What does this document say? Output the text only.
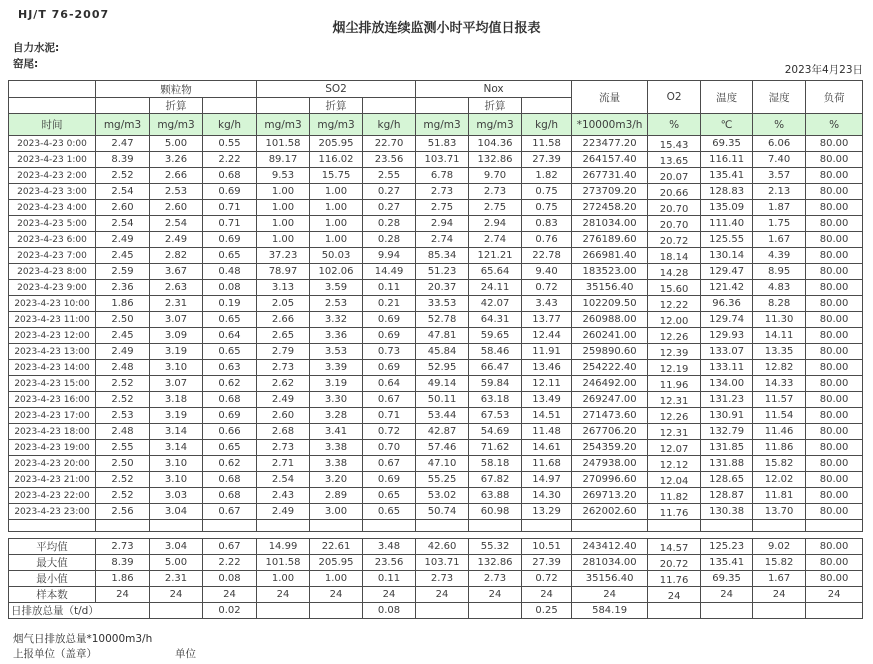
HJ/T 76-2007
烟尘排放连续监测小时平均值日报表
自力水泥:
窑尾:	2023年4月23日
	颗粒物			SO2			Nox			流量	O2	温度	湿度	负荷
		折算			折算			折算						
时间	mg/m3	mg/m3	kg/h	mg/m3	mg/m3	kg/h	mg/m3	mg/m3	kg/h	*10000m3/h	%	℃	%	%
2023-4-23 0:00	2.47	5.00	0.55	101.58	205.95	22.70	51.83	104.36	11.58	223477.20	15.43	69.35	6.06	80.00
2023-4-23 1:00	8.39	3.26	2.22	89.17	116.02	23.56	103.71	132.86	27.39	264157.40	13.65	116.11	7.40	80.00
2023-4-23 2:00	2.52	2.66	0.68	9.53	15.75	2.55	6.78	9.70	1.82	267731.40	20.07	135.41	3.57	80.00
2023-4-23 3:00	2.54	2.53	0.69	1.00	1.00	0.27	2.73	2.73	0.75	273709.20	20.66	128.83	2.13	80.00
2023-4-23 4:00	2.60	2.60	0.71	1.00	1.00	0.27	2.75	2.75	0.75	272458.20	20.70	135.09	1.87	80.00
2023-4-23 5:00	2.54	2.54	0.71	1.00	1.00	0.28	2.94	2.94	0.83	281034.00	20.70	111.40	1.75	80.00
2023-4-23 6:00	2.49	2.49	0.69	1.00	1.00	0.28	2.74	2.74	0.76	276189.60	20.72	125.55	1.67	80.00
2023-4-23 7:00	2.45	2.82	0.65	37.23	50.03	9.94	85.34	121.21	22.78	266981.40	18.14	130.14	4.39	80.00
2023-4-23 8:00	2.59	3.67	0.48	78.97	102.06	14.49	51.23	65.64	9.40	183523.00	14.28	129.47	8.95	80.00
2023-4-23 9:00	2.36	2.63	0.08	3.13	3.59	0.11	20.37	24.11	0.72	35156.40	15.60	121.42	4.83	80.00
2023-4-23 10:00	1.86	2.31	0.19	2.05	2.53	0.21	33.53	42.07	3.43	102209.50	12.22	96.36	8.28	80.00
2023-4-23 11:00	2.50	3.07	0.65	2.66	3.32	0.69	52.78	64.31	13.77	260988.00	12.00	129.74	11.30	80.00
2023-4-23 12:00	2.45	3.09	0.64	2.65	3.36	0.69	47.81	59.65	12.44	260241.00	12.26	129.93	14.11	80.00
2023-4-23 13:00	2.49	3.19	0.65	2.79	3.53	0.73	45.84	58.46	11.91	259890.60	12.39	133.07	13.35	80.00
2023-4-23 14:00	2.48	3.10	0.63	2.73	3.39	0.69	52.95	66.47	13.46	254222.40	12.19	133.11	12.82	80.00
2023-4-23 15:00	2.52	3.07	0.62	2.62	3.19	0.64	49.14	59.84	12.11	246492.00	11.96	134.00	14.33	80.00
2023-4-23 16:00	2.52	3.18	0.68	2.49	3.30	0.67	50.11	63.18	13.49	269247.00	12.31	131.23	11.57	80.00
2023-4-23 17:00	2.53	3.19	0.69	2.60	3.28	0.71	53.44	67.53	14.51	271473.60	12.26	130.91	11.54	80.00
2023-4-23 18:00	2.48	3.14	0.66	2.68	3.41	0.72	42.87	54.69	11.48	267706.20	12.31	132.79	11.46	80.00
2023-4-23 19:00	2.55	3.14	0.65	2.73	3.38	0.70	57.46	71.62	14.61	254359.20	12.07	131.85	11.86	80.00
2023-4-23 20:00	2.50	3.10	0.62	2.71	3.38	0.67	47.10	58.18	11.68	247938.00	12.12	131.88	15.82	80.00
2023-4-23 21:00	2.52	3.10	0.68	2.54	3.20	0.69	55.25	67.82	14.97	270996.60	12.04	128.65	12.02	80.00
2023-4-23 22:00	2.52	3.03	0.68	2.43	2.89	0.65	53.02	63.88	14.30	269713.20	11.82	128.87	11.81	80.00
2023-4-23 23:00	2.56	3.04	0.67	2.49	3.00	0.65	50.74	60.98	13.29	262002.60	11.76	130.38	13.70	80.00

平均值	2.73	3.04	0.67	14.99	22.61	3.48	42.60	55.32	10.51	243412.40	14.57	125.23	9.02	80.00
最大值	8.39	5.00	2.22	101.58	205.95	23.56	103.71	132.86	27.39	281034.00	20.72	135.41	15.82	80.00
最小值	1.86	2.31	0.08	1.00	1.00	0.11	2.73	2.73	0.72	35156.40	11.76	69.35	1.67	80.00
样本数	24	24	24	24	24	24	24	24	24	24	24	24	24	24
日排放总量（t/d）			0.02			0.08			0.25	584.19				
烟气日排放总量*10000m3/h
上报单位（盖章）	单位
